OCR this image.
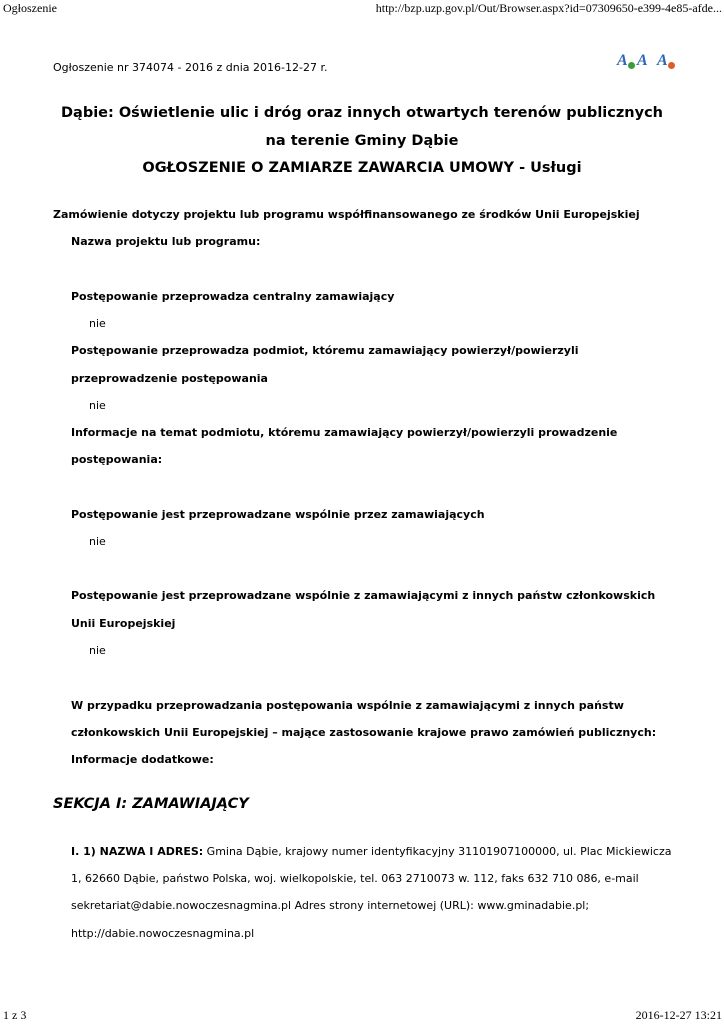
Ogłoszenie	http://bzp.uzp.gov.pl/Out/Browser.aspx?id=07309650-e399-4e85-afde...
Ogłoszenie nr 374074 - 2016 z dnia 2016-12-27 r.	A A A
Dąbie: Oświetlenie ulic i dróg oraz innych otwartych terenów publicznych
na terenie Gminy Dąbie
OGŁOSZENIE O ZAMIARZE ZAWARCIA UMOWY - Usługi
Zamówienie dotyczy projektu lub programu współfinansowanego ze środków Unii Europejskiej
Nazwa projektu lub programu:
Postępowanie przeprowadza centralny zamawiający
nie
Postępowanie przeprowadza podmiot, któremu zamawiający powierzył/powierzyli
przeprowadzenie postępowania
nie
Informacje na temat podmiotu, któremu zamawiający powierzył/powierzyli prowadzenie
postępowania:
Postępowanie jest przeprowadzane wspólnie przez zamawiających
nie
Postępowanie jest przeprowadzane wspólnie z zamawiającymi z innych państw członkowskich
Unii Europejskiej
nie
W przypadku przeprowadzania postępowania wspólnie z zamawiającymi z innych państw
członkowskich Unii Europejskiej – mające zastosowanie krajowe prawo zamówień publicznych:
Informacje dodatkowe:
SEKCJA I: ZAMAWIAJĄCY
I. 1) NAZWA I ADRES: Gmina Dąbie, krajowy numer identyfikacyjny 31101907100000, ul. Plac Mickiewicza
1, 62660 Dąbie, państwo Polska, woj. wielkopolskie, tel. 063 2710073 w. 112, faks 632 710 086, e-mail
sekretariat@dabie.nowoczesnagmina.pl Adres strony internetowej (URL): www.gminadabie.pl;
http://dabie.nowoczesnagmina.pl
1 z 3	2016-12-27 13:21
